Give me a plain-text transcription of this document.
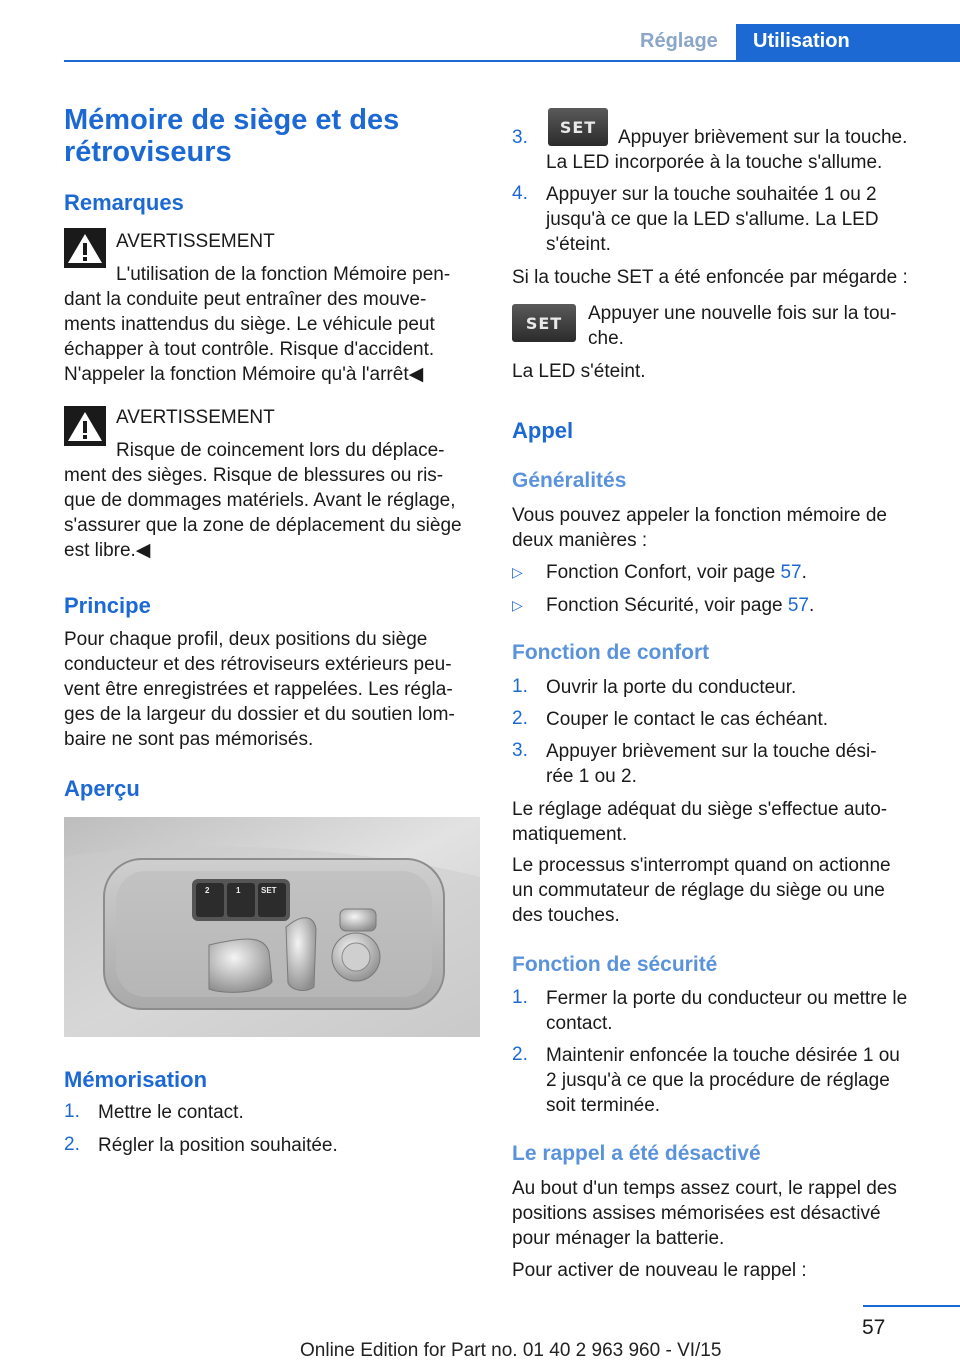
Réglage Utilisation
Mémoire de siège et des
rétroviseurs
Remarques
AVERTISSEMENT
L'utilisation de la fonction Mémoire pen‐
dant la conduite peut entraîner des mouve‐
ments inattendus du siège. Le véhicule peut
échapper à tout contrôle. Risque d'accident.
N'appeler la fonction Mémoire qu'à l'arrêt◀
AVERTISSEMENT
Risque de coincement lors du déplace‐
ment des sièges. Risque de blessures ou ris‐
que de dommages matériels. Avant le réglage,
s'assurer que la zone de déplacement du siège
est libre.◀
Principe
Pour chaque profil, deux positions du siège
conducteur et des rétroviseurs extérieurs peu‐
vent être enregistrées et rappelées. Les régla‐
ges de la largeur du dossier et du soutien lom‐
baire ne sont pas mémorisés.
Aperçu
2	1	SET
Mémorisation
1. Mettre le contact.
2. Régler la position souhaitée.
3. SET Appuyer brièvement sur la touche.
La LED incorporée à la touche s'allume.
4. Appuyer sur la touche souhaitée 1 ou 2
jusqu'à ce que la LED s'allume. La LED
s'éteint.
Si la touche SET a été enfoncée par mégarde :
SET Appuyer une nouvelle fois sur la tou‐
che.
La LED s'éteint.
Appel
Généralités
Vous pouvez appeler la fonction mémoire de
deux manières :
▷ Fonction Confort, voir page 57.
▷ Fonction Sécurité, voir page 57.
Fonction de confort
1. Ouvrir la porte du conducteur.
2. Couper le contact le cas échéant.
3. Appuyer brièvement sur la touche dési‐
rée 1 ou 2.
Le réglage adéquat du siège s'effectue auto‐
matiquement.
Le processus s'interrompt quand on actionne
un commutateur de réglage du siège ou une
des touches.
Fonction de sécurité
1. Fermer la porte du conducteur ou mettre le
contact.
2. Maintenir enfoncée la touche désirée 1 ou
2 jusqu'à ce que la procédure de réglage
soit terminée.
Le rappel a été désactivé
Au bout d'un temps assez court, le rappel des
positions assises mémorisées est désactivé
pour ménager la batterie.
Pour activer de nouveau le rappel :
57
Online Edition for Part no. 01 40 2 963 960 - VI/15
